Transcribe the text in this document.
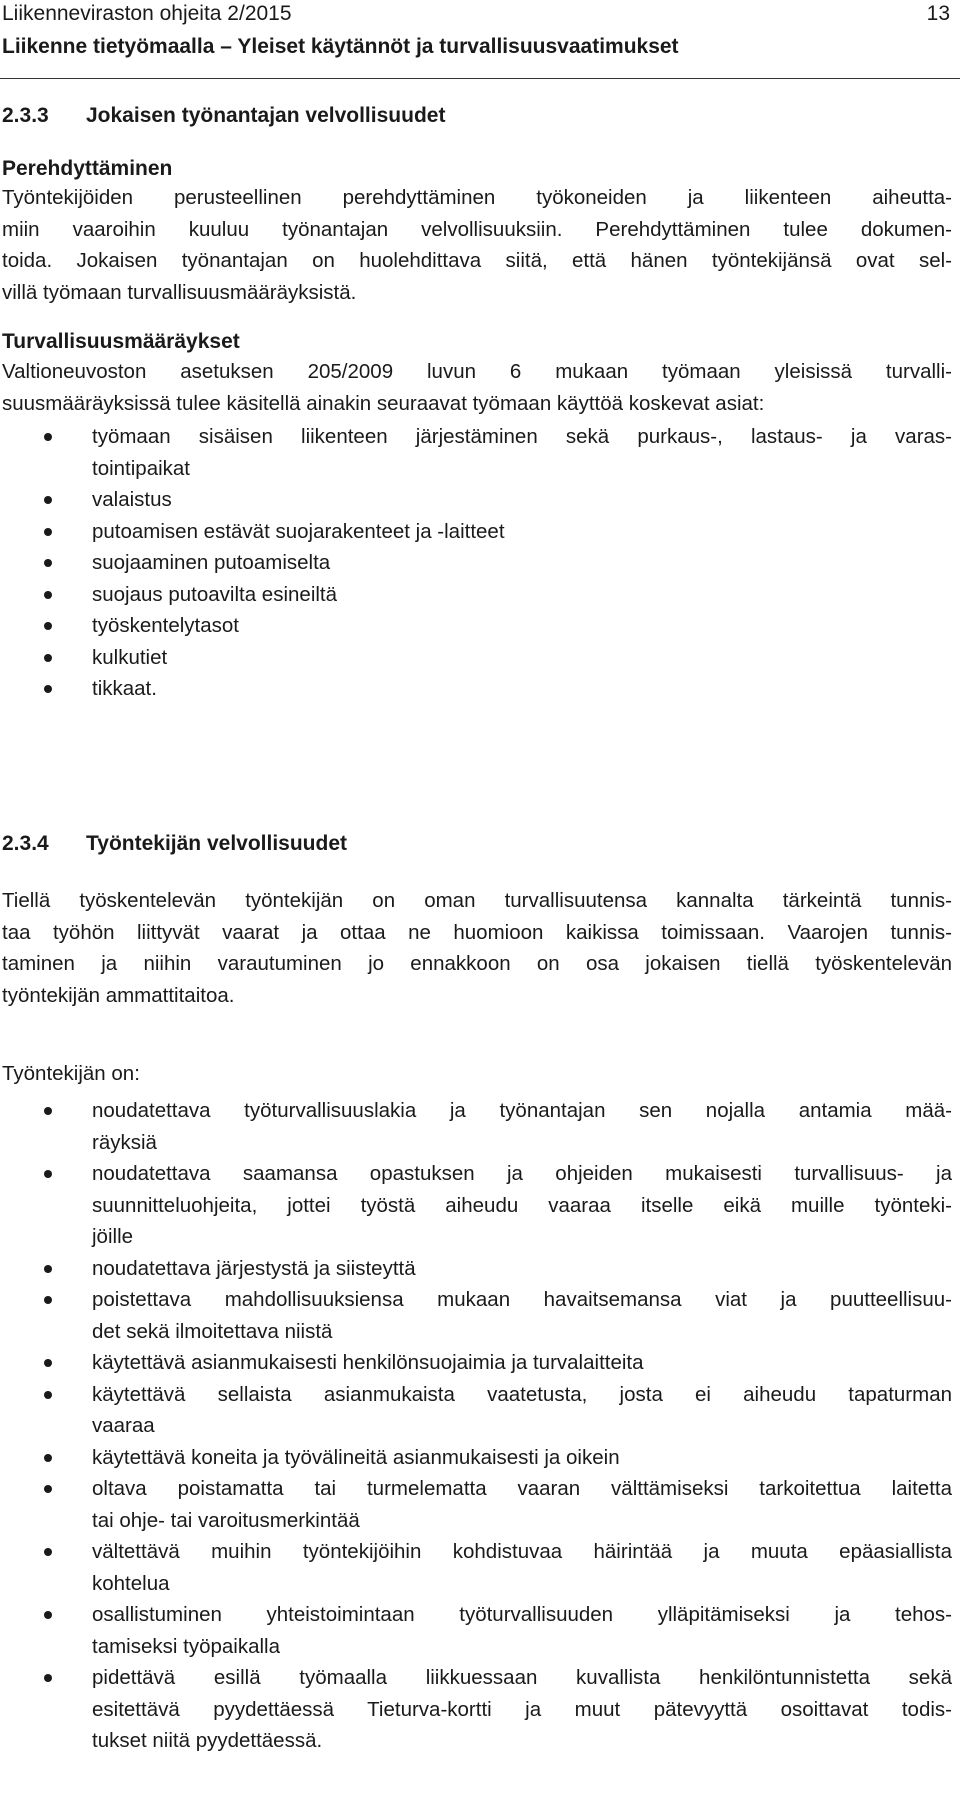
Liikenneviraston ohjeita 2/2015
Liikenne tietyömaalla – Yleiset käytännöt ja turvallisuusvaatimukset
13
2.3.3 Jokaisen työnantajan velvollisuudet
Perehdyttäminen
Työntekijöiden perusteellinen perehdyttäminen työkoneiden ja liikenteen aiheutta-
miin vaaroihin kuuluu työnantajan velvollisuuksiin. Perehdyttäminen tulee dokumen-
toida. Jokaisen työnantajan on huolehdittava siitä, että hänen työntekijänsä ovat sel-
villä työmaan turvallisuusmääräyksistä.
Turvallisuusmääräykset
Valtioneuvoston asetuksen 205/2009 luvun 6 mukaan työmaan yleisissä turvalli-
suusmääräyksissä tulee käsitellä ainakin seuraavat työmaan käyttöä koskevat asiat:
työmaan sisäisen liikenteen järjestäminen sekä purkaus-, lastaus- ja varas-
tointipaikat
valaistus
putoamisen estävät suojarakenteet ja -laitteet
suojaaminen putoamiselta
suojaus putoavilta esineiltä
työskentelytasot
kulkutiet
tikkaat.
2.3.4 Työntekijän velvollisuudet
Tiellä työskentelevän työntekijän on oman turvallisuutensa kannalta tärkeintä tunnis-
taa työhön liittyvät vaarat ja ottaa ne huomioon kaikissa toimissaan. Vaarojen tunnis-
taminen ja niihin varautuminen jo ennakkoon on osa jokaisen tiellä työskentelevän
työntekijän ammattitaitoa.
Työntekijän on:
noudatettava työturvallisuuslakia ja työnantajan sen nojalla antamia mää-
räyksiä
noudatettava saamansa opastuksen ja ohjeiden mukaisesti turvallisuus- ja
suunnitteluohjeita, jottei työstä aiheudu vaaraa itselle eikä muille työnteki-
jöille
noudatettava järjestystä ja siisteyttä
poistettava mahdollisuuksiensa mukaan havaitsemansa viat ja puutteellisuu-
det sekä ilmoitettava niistä
käytettävä asianmukaisesti henkilönsuojaimia ja turvalaitteita
käytettävä sellaista asianmukaista vaatetusta, josta ei aiheudu tapaturman
vaaraa
käytettävä koneita ja työvälineitä asianmukaisesti ja oikein
oltava poistamatta tai turmelematta vaaran välttämiseksi tarkoitettua laitetta
tai ohje- tai varoitusmerkintää
vältettävä muihin työntekijöihin kohdistuvaa häirintää ja muuta epäasiallista
kohtelua
osallistuminen yhteistoimintaan työturvallisuuden ylläpitämiseksi ja tehos-
tamiseksi työpaikalla
pidettävä esillä työmaalla liikkuessaan kuvallista henkilöntunnistetta sekä
esitettävä pyydettäessä Tieturva-kortti ja muut pätevyyttä osoittavat todis-
tukset niitä pyydettäessä.
